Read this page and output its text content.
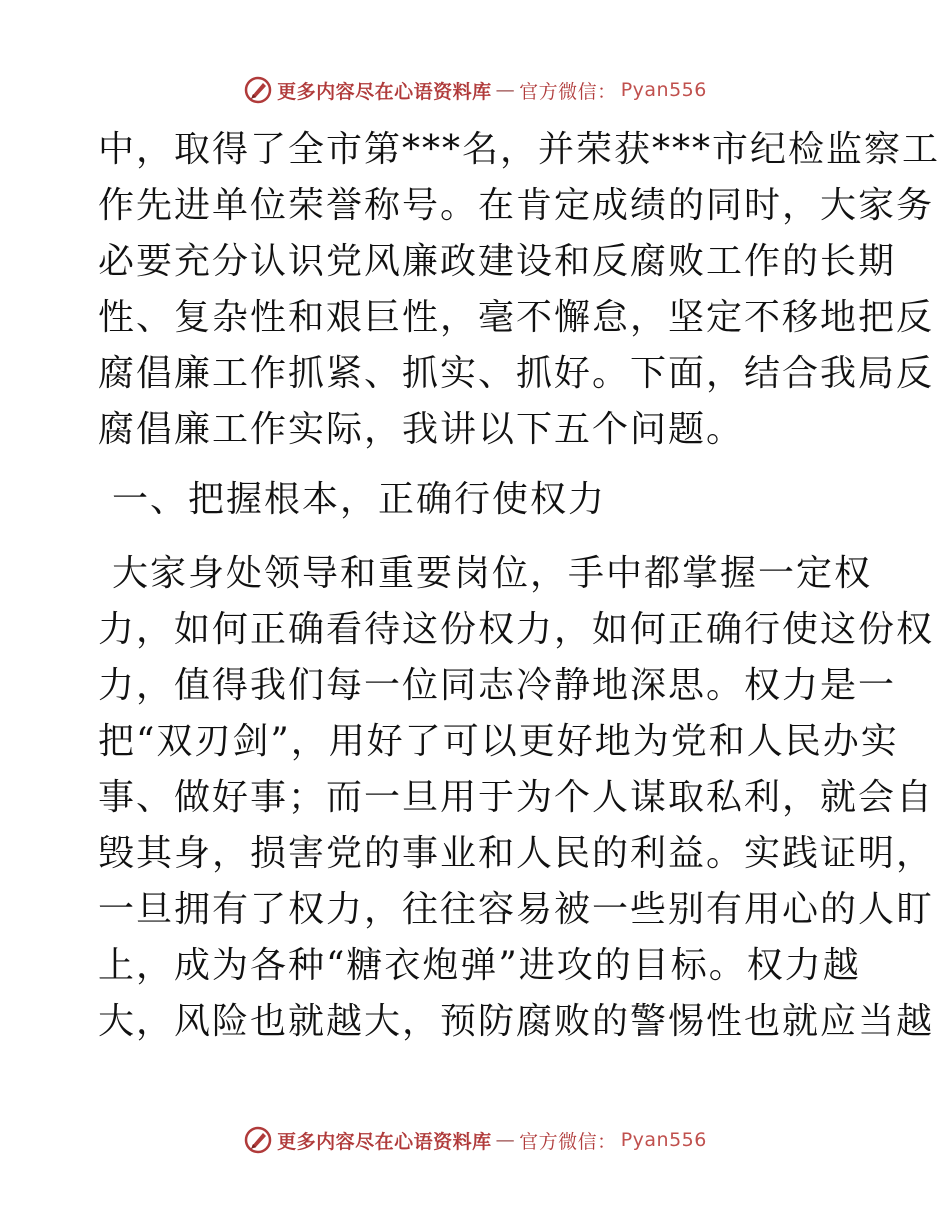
更多内容尽在心语资料库 — 官方微信： Pyan556
中，取得了全市第***名，并荣获***市纪检监察工
作先进单位荣誉称号。在肯定成绩的同时，大家务
必要充分认识党风廉政建设和反腐败工作的长期
性、复杂性和艰巨性，毫不懈怠，坚定不移地把反
腐倡廉工作抓紧、抓实、抓好。下面，结合我局反
腐倡廉工作实际，我讲以下五个问题。
一、把握根本，正确行使权力
大家身处领导和重要岗位，手中都掌握一定权
力，如何正确看待这份权力，如何正确行使这份权
力，值得我们每一位同志冷静地深思。权力是一
把“双刃剑”，用好了可以更好地为党和人民办实
事、做好事；而一旦用于为个人谋取私利，就会自
毁其身，损害党的事业和人民的利益。实践证明，
一旦拥有了权力，往往容易被一些别有用心的人盯
上，成为各种“糖衣炮弹”进攻的目标。权力越
大，风险也就越大，预防腐败的警惕性也就应当越
更多内容尽在心语资料库 — 官方微信： Pyan556
